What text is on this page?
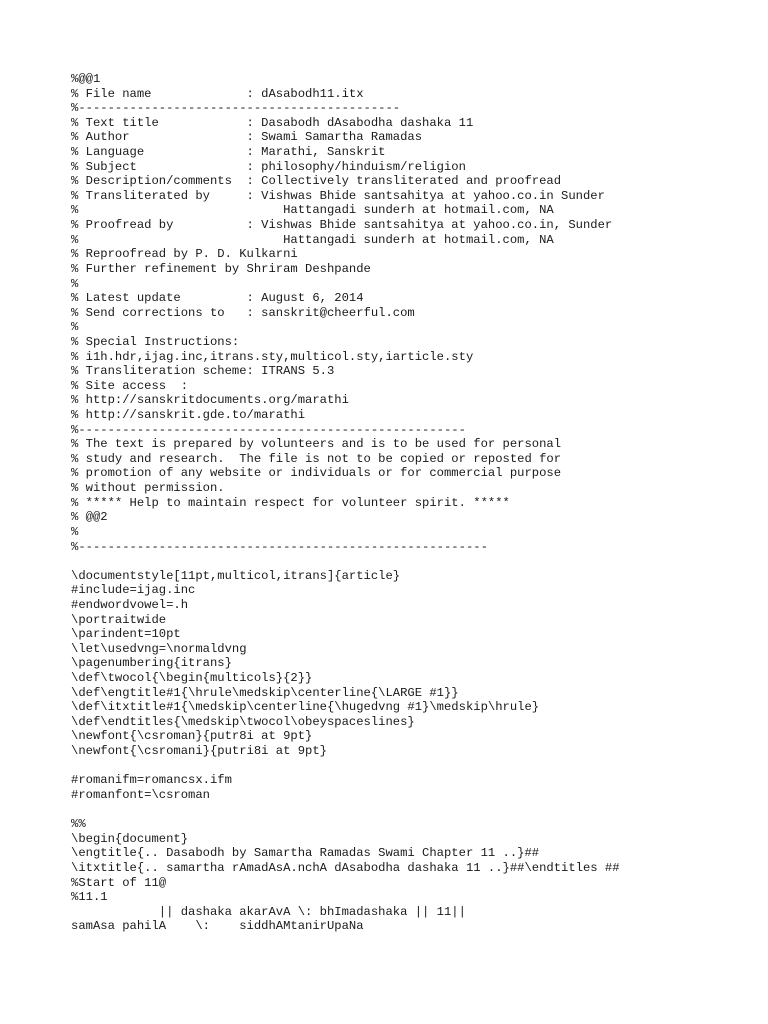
%@@1
% File name             : dAsabodh11.itx
%--------------------------------------------
% Text title            : Dasabodh dAsabodha dashaka 11
% Author                : Swami Samartha Ramadas
% Language              : Marathi, Sanskrit
% Subject               : philosophy/hinduism/religion
% Description/comments  : Collectively transliterated and proofread
% Transliterated by     : Vishwas Bhide santsahitya at yahoo.co.in Sunder
%                            Hattangadi sunderh at hotmail.com, NA
% Proofread by          : Vishwas Bhide santsahitya at yahoo.co.in, Sunder
%                            Hattangadi sunderh at hotmail.com, NA
% Reproofread by P. D. Kulkarni
% Further refinement by Shriram Deshpande
%
% Latest update         : August 6, 2014
% Send corrections to   : sanskrit@cheerful.com
%
% Special Instructions:
% i1h.hdr,ijag.inc,itrans.sty,multicol.sty,iarticle.sty
% Transliteration scheme: ITRANS 5.3
% Site access  :
% http://sanskritdocuments.org/marathi
% http://sanskrit.gde.to/marathi
%-----------------------------------------------------
% The text is prepared by volunteers and is to be used for personal
% study and research.  The file is not to be copied or reposted for
% promotion of any website or individuals or for commercial purpose
% without permission.
% ***** Help to maintain respect for volunteer spirit. *****
% @@2
%
%--------------------------------------------------------
\documentstyle[11pt,multicol,itrans]{article}
#include=ijag.inc
#endwordvowel=.h
\portraitwide
\parindent=10pt
\let\usedvng=\normaldvng
\pagenumbering{itrans}
\def\twocol{\begin{multicols}{2}}
\def\engtitle#1{\hrule\medskip\centerline{\LARGE #1}}
\def\itxtitle#1{\medskip\centerline{\hugedvng #1}\medskip\hrule}
\def\endtitles{\medskip\twocol\obeyspaceslines}
\newfont{\csroman}{putr8i at 9pt}
\newfont{\csromani}{putri8i at 9pt}
#romanifm=romancsx.ifm
#romanfont=\csroman
%%
\begin{document}
\engtitle{.. Dasabodh by Samartha Ramadas Swami Chapter 11 ..}##
\itxtitle{.. samartha rAmadAsA.nchA dAsabodha dashaka 11 ..}##\endtitles ##
%Start of 11@
%11.1
|| dashaka akarAvA \: bhImadashaka || 11||
samAsa pahilA    \:    siddhAMtanirUpaNa
